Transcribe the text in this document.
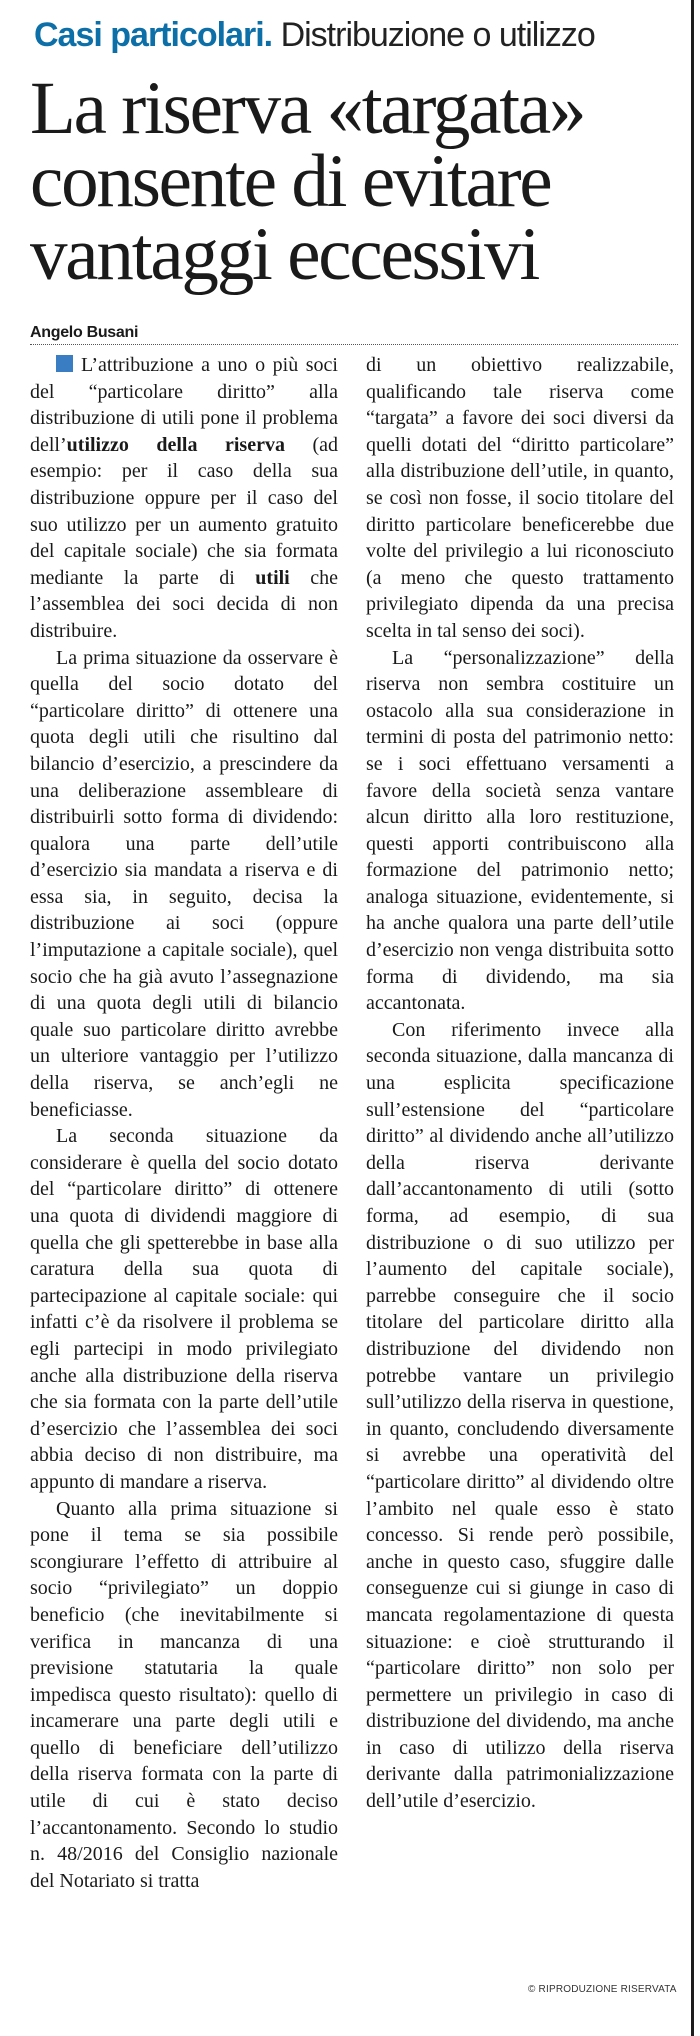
Casi particolari. Distribuzione o utilizzo
La riserva «targata»
consente di evitare
vantaggi eccessivi
Angelo Busani

L’attribuzione a uno o più soci del “particolare diritto” alla distribuzione di utili pone il problema dell’utilizzo della riserva (ad esempio: per il caso della sua distribuzione oppure per il caso del suo utilizzo per un aumento gratuito del capitale sociale) che sia formata mediante la parte di utili che l’assemblea dei soci decida di non distribuire.

La prima situazione da osservare è quella del socio dotato del “particolare diritto” di ottenere una quota degli utili che risultino dal bilancio d’esercizio, a prescindere da una deliberazione assembleare di distribuirli sotto forma di dividendo: qualora una parte dell’utile d’esercizio sia mandata a riserva e di essa sia, in seguito, decisa la distribuzione ai soci (oppure l’imputazione a capitale sociale), quel socio che ha già avuto l’assegnazione di una quota degli utili di bilancio quale suo particolare diritto avrebbe un ulteriore vantaggio per l’utilizzo della riserva, se anch’egli ne beneficiasse.

La seconda situazione da considerare è quella del socio dotato del “particolare diritto” di ottenere una quota di dividendi maggiore di quella che gli spetterebbe in base alla caratura della sua quota di partecipazione al capitale sociale: qui infatti c’è da risolvere il problema se egli partecipi in modo privilegiato anche alla distribuzione della riserva che sia formata con la parte dell’utile d’esercizio che l’assemblea dei soci abbia deciso di non distribuire, ma appunto di mandare a riserva.

Quanto alla prima situazione si pone il tema se sia possibile scongiurare l’effetto di attribuire al socio “privilegiato” un doppio beneficio (che inevitabilmente si verifica in mancanza di una previsione statutaria la quale impedisca questo risultato): quello di incamerare una parte degli utili e quello di beneficiare dell’utilizzo della riserva formata con la parte di utile di cui è stato deciso l’accantonamento. Secondo lo studio n. 48/2016 del Consiglio nazionale del Notariato si tratta

di un obiettivo realizzabile, qualificando tale riserva come “targata” a favore dei soci diversi da quelli dotati del “diritto particolare” alla distribuzione dell’utile, in quanto, se così non fosse, il socio titolare del diritto particolare beneficerebbe due volte del privilegio a lui riconosciuto (a meno che questo trattamento privilegiato dipenda da una precisa scelta in tal senso dei soci).

La “personalizzazione” della riserva non sembra costituire un ostacolo alla sua considerazione in termini di posta del patrimonio netto: se i soci effettuano versamenti a favore della società senza vantare alcun diritto alla loro restituzione, questi apporti contribuiscono alla formazione del patrimonio netto; analoga situazione, evidentemente, si ha anche qualora una parte dell’utile d’esercizio non venga distribuita sotto forma di dividendo, ma sia accantonata.

Con riferimento invece alla seconda situazione, dalla mancanza di una esplicita specificazione sull’estensione del “particolare diritto” al dividendo anche all’utilizzo della riserva derivante dall’accantonamento di utili (sotto forma, ad esempio, di sua distribuzione o di suo utilizzo per l’aumento del capitale sociale), parrebbe conseguire che il socio titolare del particolare diritto alla distribuzione del dividendo non potrebbe vantare un privilegio sull’utilizzo della riserva in questione, in quanto, concludendo diversamente si avrebbe una operatività del “particolare diritto” al dividendo oltre l’ambito nel quale esso è stato concesso. Si rende però possibile, anche in questo caso, sfuggire dalle conseguenze cui si giunge in caso di mancata regolamentazione di questa situazione: e cioè strutturando il “particolare diritto” non solo per permettere un privilegio in caso di distribuzione del dividendo, ma anche in caso di utilizzo della riserva derivante dalla patrimonializzazione dell’utile d’esercizio.

© RIPRODUZIONE RISERVATA
